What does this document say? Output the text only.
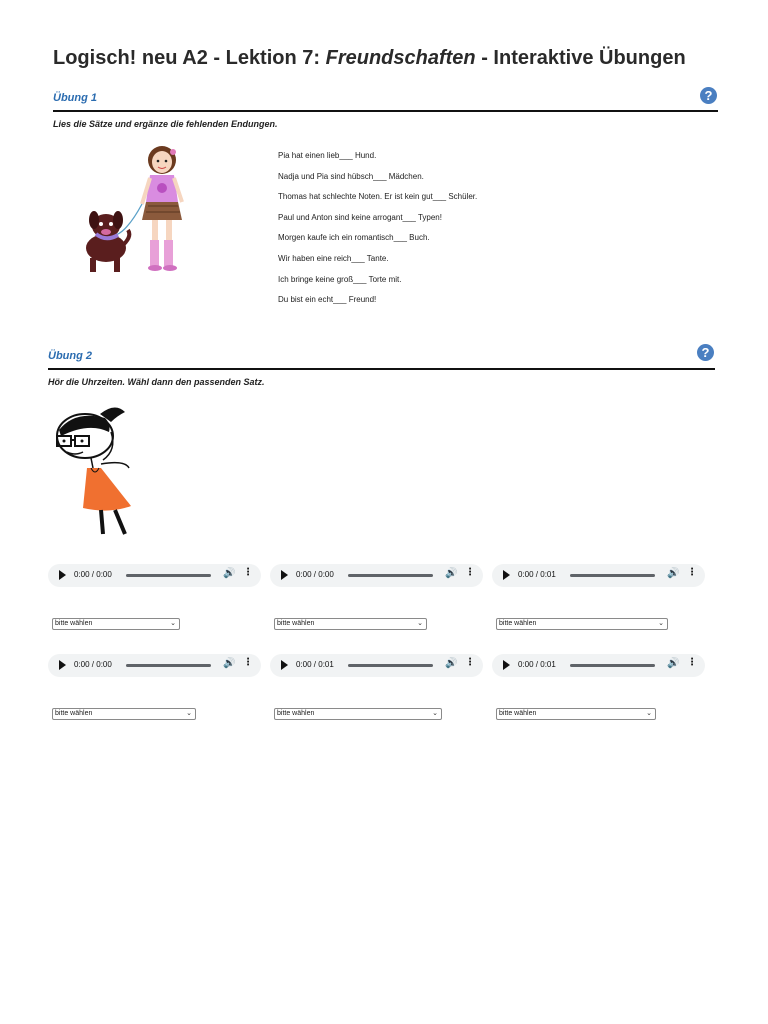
Logisch! neu A2 - Lektion 7: Freundschaften - Interaktive Übungen
Übung 1	?
Lies die Sätze und ergänze die fehlenden Endungen.
Pia hat einen lieb___ Hund.
Nadja und Pia sind hübsch___ Mädchen.
Thomas hat schlechte Noten. Er ist kein gut___ Schüler.
Paul und Anton sind keine arrogant___ Typen!
Morgen kaufe ich ein romantisch___ Buch.
Wir haben eine reich___ Tante.
Ich bringe keine groß___ Torte mit.
Du bist ein echt___ Freund!
Übung 2	?
Hör die Uhrzeiten. Wähl dann den passenden Satz.
0:00 / 0:00	🔊 ⋮	0:00 / 0:00	🔊 ⋮	0:00 / 0:01	🔊 ⋮
bitte wählen	⌄	bitte wählen	⌄	bitte wählen	⌄
0:00 / 0:00	🔊 ⋮	0:00 / 0:01	🔊 ⋮	0:00 / 0:01	🔊 ⋮
bitte wählen	⌄	bitte wählen	⌄	bitte wählen	⌄
